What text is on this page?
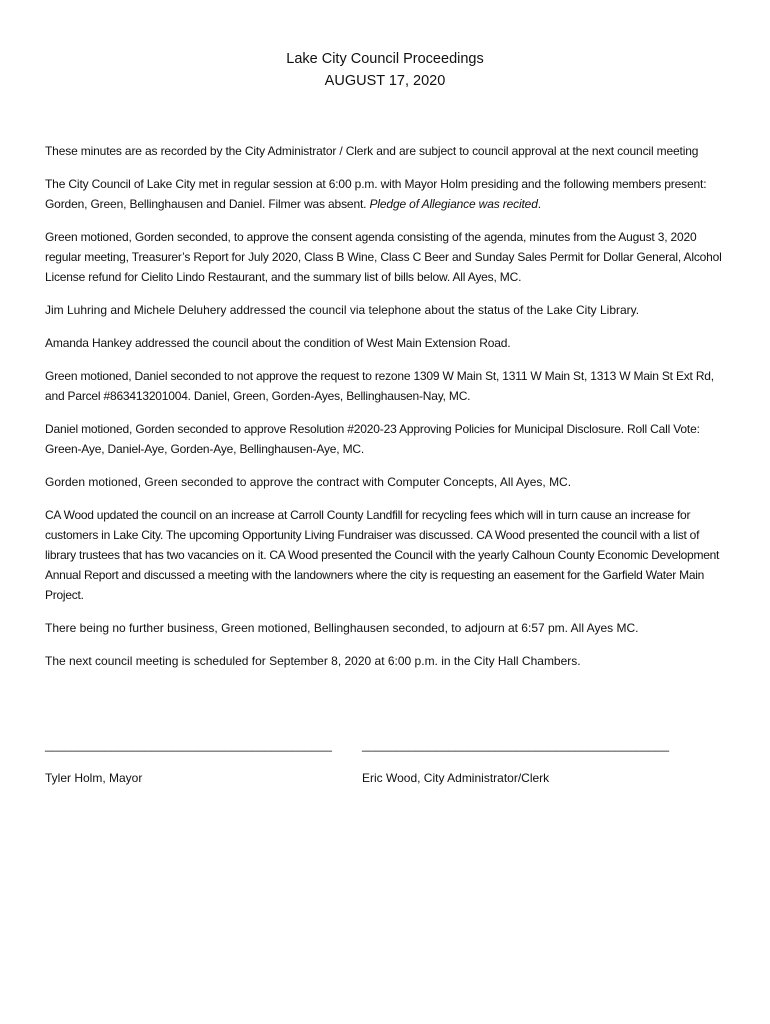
Lake City Council Proceedings
AUGUST 17, 2020

These minutes are as recorded by the City Administrator / Clerk and are subject to council approval at the next council meeting

The City Council of Lake City met in regular session at 6:00 p.m. with Mayor Holm presiding and the following members present: Gorden, Green, Bellinghausen and Daniel. Filmer was absent. Pledge of Allegiance was recited.

Green motioned, Gorden seconded, to approve the consent agenda consisting of the agenda, minutes from the August 3, 2020 regular meeting, Treasurer’s Report for July 2020, Class B Wine, Class C Beer and Sunday Sales Permit for Dollar General, Alcohol License refund for Cielito Lindo Restaurant, and the summary list of bills below. All Ayes, MC.

Jim Luhring and Michele Deluhery addressed the council via telephone about the status of the Lake City Library.

Amanda Hankey addressed the council about the condition of West Main Extension Road.

Green motioned, Daniel seconded to not approve the request to rezone 1309 W Main St, 1311 W Main St, 1313 W Main St Ext Rd, and Parcel #863413201004. Daniel, Green, Gorden-Ayes, Bellinghausen-Nay, MC.

Daniel motioned, Gorden seconded to approve Resolution #2020-23 Approving Policies for Municipal Disclosure. Roll Call Vote: Green-Aye, Daniel-Aye, Gorden-Aye, Bellinghausen-Aye, MC.

Gorden motioned, Green seconded to approve the contract with Computer Concepts, All Ayes, MC.

CA Wood updated the council on an increase at Carroll County Landfill for recycling fees which will in turn cause an increase for customers in Lake City. The upcoming Opportunity Living Fundraiser was discussed. CA Wood presented the council with a list of library trustees that has two vacancies on it. CA Wood presented the Council with the yearly Calhoun County Economic Development Annual Report and discussed a meeting with the landowners where the city is requesting an easement for the Garfield Water Main Project.

There being no further business, Green motioned, Bellinghausen seconded, to adjourn at 6:57 pm. All Ayes MC.

The next council meeting is scheduled for September 8, 2020 at 6:00 p.m. in the City Hall Chambers.

___________________________________________	______________________________________________
Tyler Holm, Mayor	Eric Wood, City Administrator/Clerk
